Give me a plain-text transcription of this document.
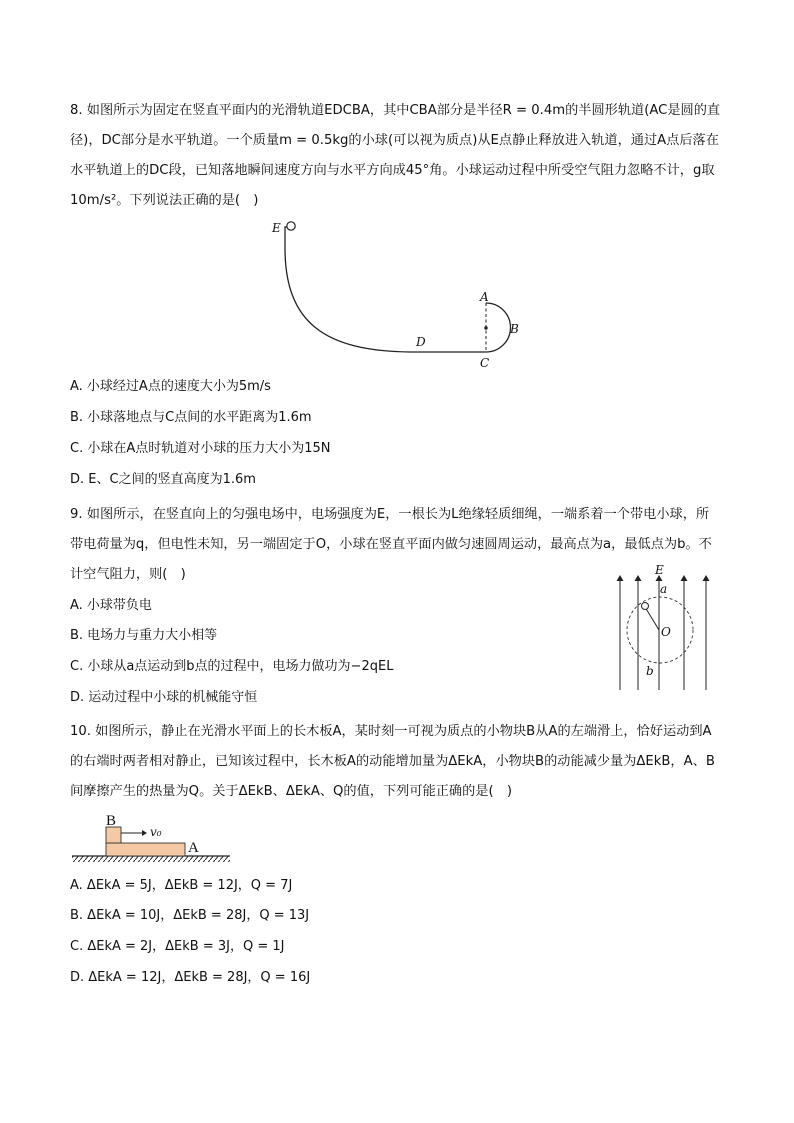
8. 如图所示为固定在竖直平面内的光滑轨道EDCBA，其中CBA部分是半径R = 0.4m的半圆形轨道(AC是圆的直径)，DC部分是水平轨道。一个质量m = 0.5kg的小球(可以视为质点)从E点静止释放进入轨道，通过A点后落在水平轨道上的DC段，已知落地瞬间速度方向与水平方向成45°角。小球运动过程中所受空气阻力忽略不计，g取10m/s²。下列说法正确的是(　)
E
D
A
B
C
A. 小球经过A点的速度大小为5m/s
B. 小球落地点与C点间的水平距离为1.6m
C. 小球在A点时轨道对小球的压力大小为15N
D. E、C之间的竖直高度为1.6m
9. 如图所示，在竖直向上的匀强电场中，电场强度为E，一根长为L绝缘轻质细绳，一端系着一个带电小球，所带电荷量为q，但电性未知，另一端固定于O，小球在竖直平面内做匀速圆周运动，最高点为a，最低点为b。不计空气阻力，则(　)	E
a
O
b
A. 小球带负电
B. 电场力与重力大小相等
C. 小球从a点运动到b点的过程中，电场力做功为−2qEL
D. 运动过程中小球的机械能守恒
10. 如图所示，静止在光滑水平面上的长木板A，某时刻一可视为质点的小物块B从A的左端滑上，恰好运动到A的右端时两者相对静止，已知该过程中，长木板A的动能增加量为ΔEkA，小物块B的动能减少量为ΔEkB，A、B间摩擦产生的热量为Q。关于ΔEkB、ΔEkA、Q的值，下列可能正确的是(　)
B
v₀
A
A. ΔEkA = 5J，ΔEkB = 12J，Q = 7J
B. ΔEkA = 10J，ΔEkB = 28J，Q = 13J
C. ΔEkA = 2J，ΔEkB = 3J，Q = 1J
D. ΔEkA = 12J，ΔEkB = 28J，Q = 16J
